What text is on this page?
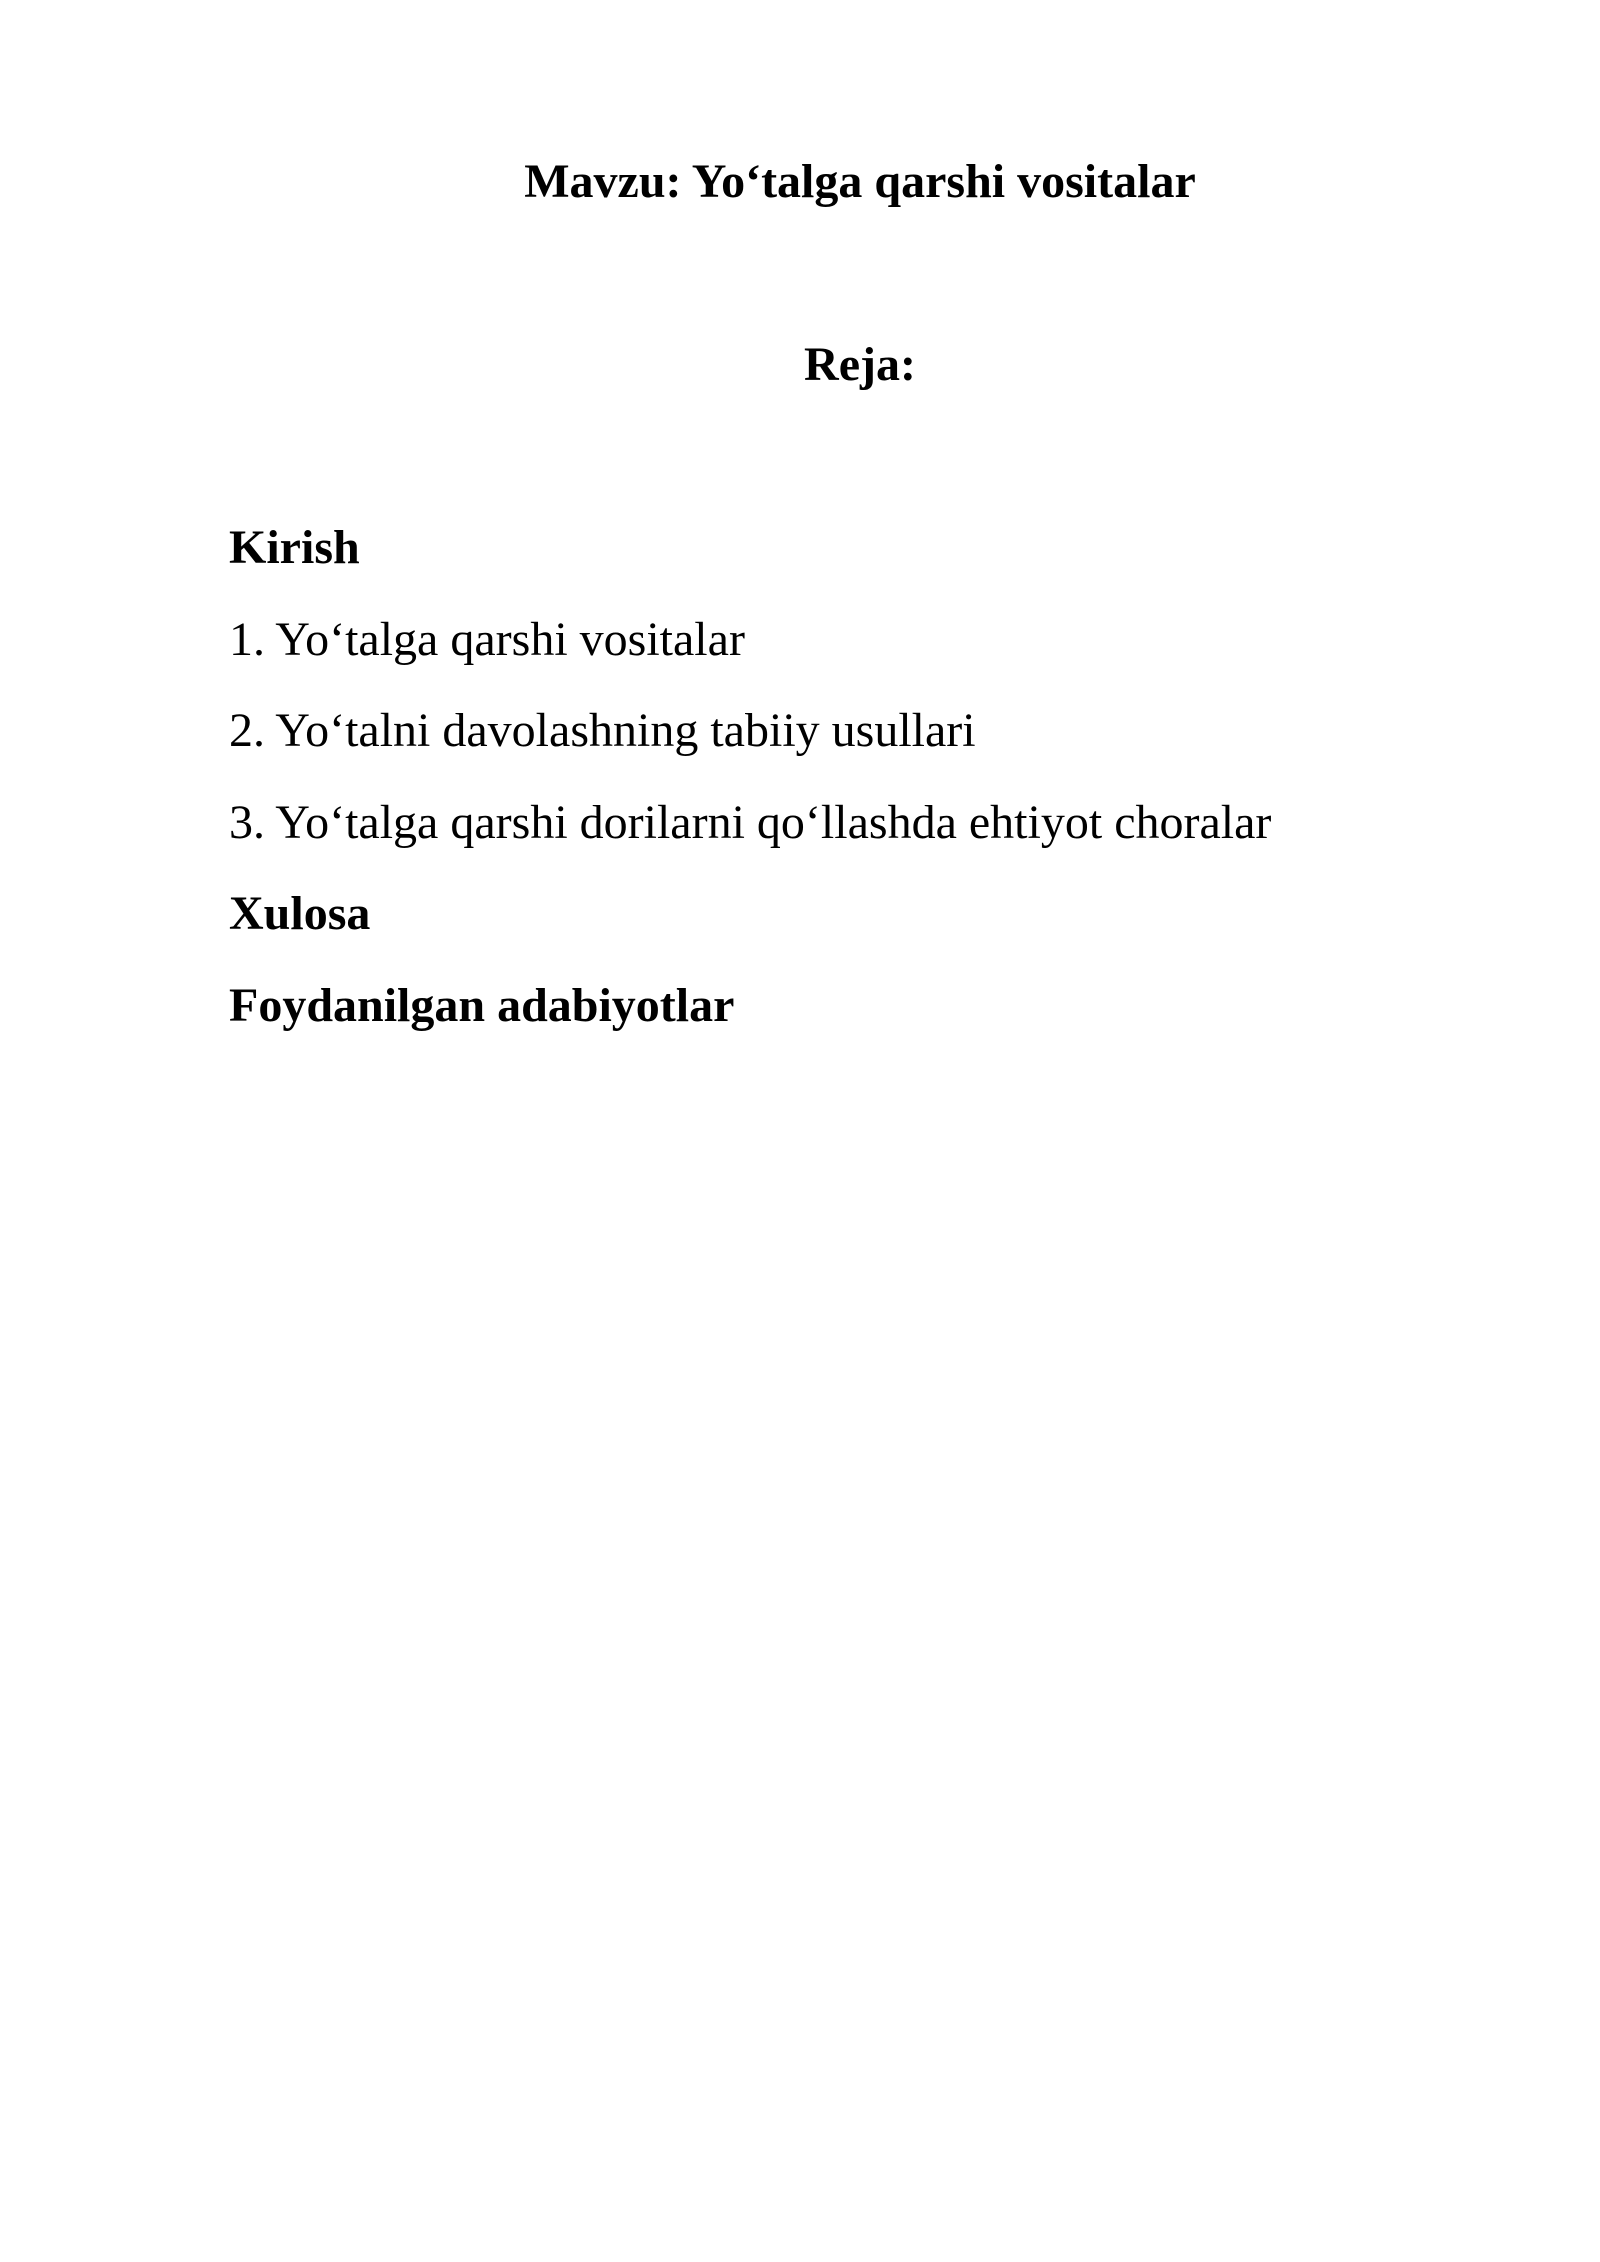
Mavzu: Yo‘talga qarshi vositalar
Reja:
Kirish
1. Yo‘talga qarshi vositalar
2. Yo‘talni davolashning tabiiy usullari
3. Yo‘talga qarshi dorilarni qo‘llashda ehtiyot choralar
Xulosa
Foydanilgan adabiyotlar
